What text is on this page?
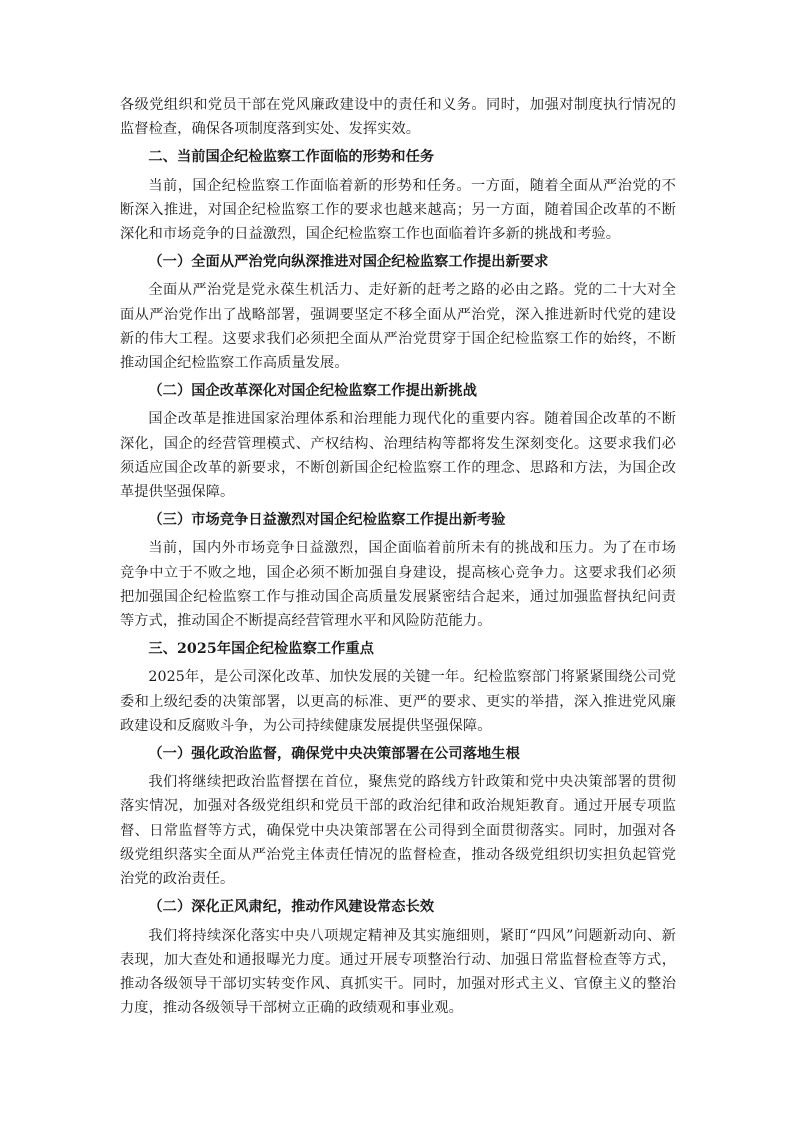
各级党组织和党员干部在党风廉政建设中的责任和义务。同时，加强对制度执行情况的监督检查，确保各项制度落到实处、发挥实效。

二、当前国企纪检监察工作面临的形势和任务

当前，国企纪检监察工作面临着新的形势和任务。一方面，随着全面从严治党的不断深入推进，对国企纪检监察工作的要求也越来越高；另一方面，随着国企改革的不断深化和市场竞争的日益激烈，国企纪检监察工作也面临着许多新的挑战和考验。

（一）全面从严治党向纵深推进对国企纪检监察工作提出新要求

全面从严治党是党永葆生机活力、走好新的赶考之路的必由之路。党的二十大对全面从严治党作出了战略部署，强调要坚定不移全面从严治党，深入推进新时代党的建设新的伟大工程。这要求我们必须把全面从严治党贯穿于国企纪检监察工作的始终，不断推动国企纪检监察工作高质量发展。

（二）国企改革深化对国企纪检监察工作提出新挑战

国企改革是推进国家治理体系和治理能力现代化的重要内容。随着国企改革的不断深化，国企的经营管理模式、产权结构、治理结构等都将发生深刻变化。这要求我们必须适应国企改革的新要求，不断创新国企纪检监察工作的理念、思路和方法，为国企改革提供坚强保障。

（三）市场竞争日益激烈对国企纪检监察工作提出新考验

当前，国内外市场竞争日益激烈，国企面临着前所未有的挑战和压力。为了在市场竞争中立于不败之地，国企必须不断加强自身建设，提高核心竞争力。这要求我们必须把加强国企纪检监察工作与推动国企高质量发展紧密结合起来，通过加强监督执纪问责等方式，推动国企不断提高经营管理水平和风险防范能力。

三、2025年国企纪检监察工作重点

2025年，是公司深化改革、加快发展的关键一年。纪检监察部门将紧紧围绕公司党委和上级纪委的决策部署，以更高的标准、更严的要求、更实的举措，深入推进党风廉政建设和反腐败斗争，为公司持续健康发展提供坚强保障。

（一）强化政治监督，确保党中央决策部署在公司落地生根

我们将继续把政治监督摆在首位，聚焦党的路线方针政策和党中央决策部署的贯彻落实情况，加强对各级党组织和党员干部的政治纪律和政治规矩教育。通过开展专项监督、日常监督等方式，确保党中央决策部署在公司得到全面贯彻落实。同时，加强对各级党组织落实全面从严治党主体责任情况的监督检查，推动各级党组织切实担负起管党治党的政治责任。

（二）深化正风肃纪，推动作风建设常态长效

我们将持续深化落实中央八项规定精神及其实施细则，紧盯“四风”问题新动向、新表现，加大查处和通报曝光力度。通过开展专项整治行动、加强日常监督检查等方式，推动各级领导干部切实转变作风、真抓实干。同时，加强对形式主义、官僚主义的整治力度，推动各级领导干部树立正确的政绩观和事业观。
